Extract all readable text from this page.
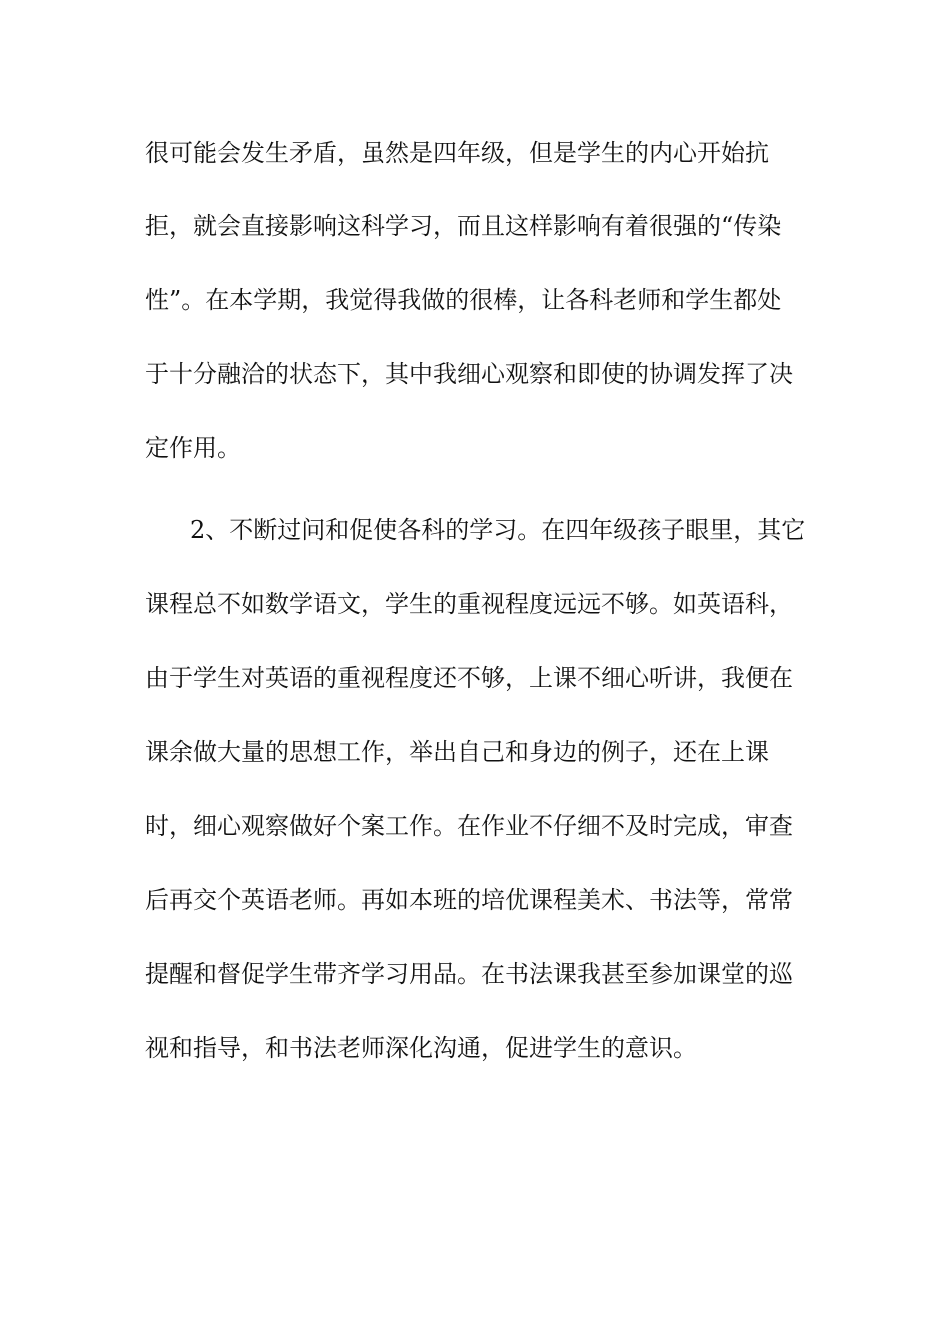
很可能会发生矛盾，虽然是四年级，但是学生的内心开始抗
拒，就会直接影响这科学习，而且这样影响有着很强的“传染
性”。在本学期，我觉得我做的很棒，让各科老师和学生都处
于十分融洽的状态下，其中我细心观察和即使的协调发挥了决
定作用。
2、不断过问和促使各科的学习。在四年级孩子眼里，其它
课程总不如数学语文，学生的重视程度远远不够。如英语科，
由于学生对英语的重视程度还不够，上课不细心听讲，我便在
课余做大量的思想工作，举出自己和身边的例子，还在上课
时，细心观察做好个案工作。在作业不仔细不及时完成，审查
后再交个英语老师。再如本班的培优课程美术、书法等，常常
提醒和督促学生带齐学习用品。在书法课我甚至参加课堂的巡
视和指导，和书法老师深化沟通，促进学生的意识。
